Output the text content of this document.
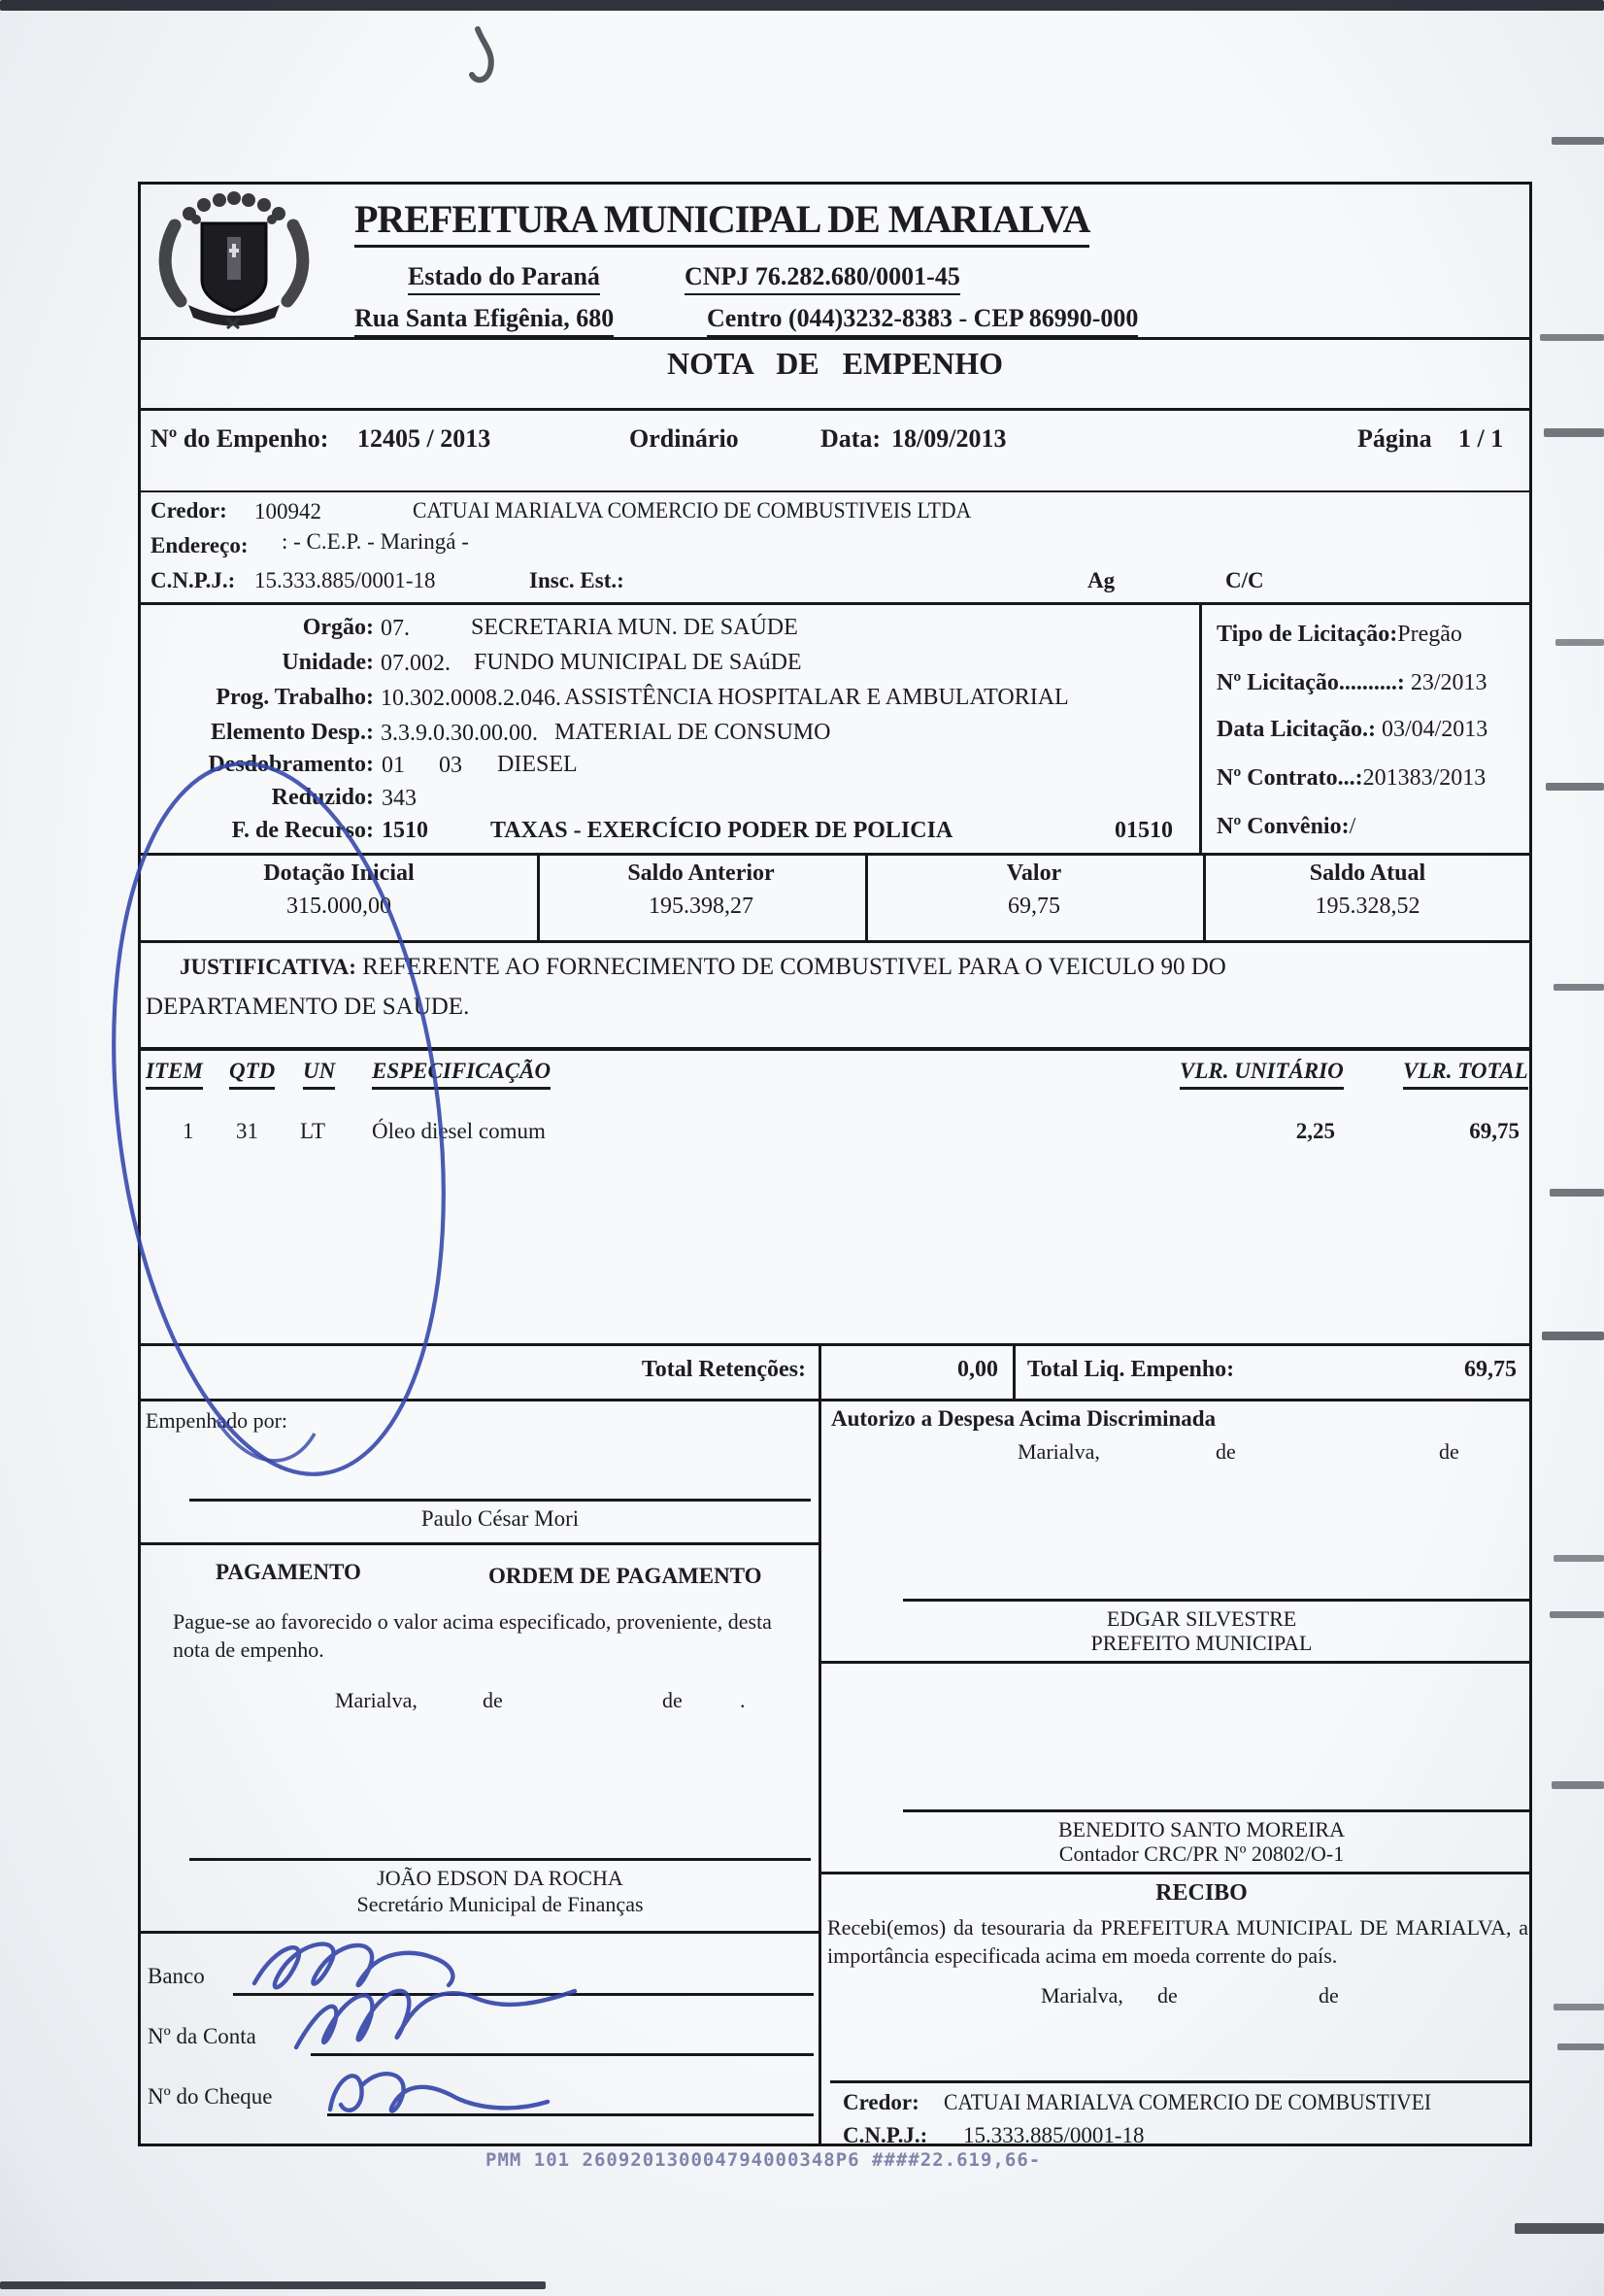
PREFEITURA MUNICIPAL DE MARIALVA
Estado do Paraná	CNPJ 76.282.680/0001-45
Rua Santa Efigênia, 680	Centro (044)3232-8383 - CEP 86990-000
NOTA DE EMPENHO
Nº do Empenho: 12405 / 2013	Ordinário	Data: 18/09/2013	Página 1 / 1
Credor: 100942	CATUAI MARIALVA COMERCIO DE COMBUSTIVEIS LTDA
Endereço: : - C.E.P. - Maringá -
C.N.P.J.: 15.333.885/0001-18	Insc. Est.:	Ag	C/C
Orgão: 07.	SECRETARIA MUN. DE SAÚDE
Unidade: 07.002. FUNDO MUNICIPAL DE SAúDE
Prog. Trabalho: 10.302.0008.2.046. ASSISTÊNCIA HOSPITALAR E AMBULATORIAL
Elemento Desp.: 3.3.9.0.30.00.00. MATERIAL DE CONSUMO
Desdobramento: 01 03 DIESEL
Reduzido: 343
F. de Recurso: 1510	TAXAS - EXERCÍCIO PODER DE POLICIA	01510
Tipo de Licitação:Pregão
Nº Licitação..........: 23/2013
Data Licitação.: 03/04/2013
Nº Contrato...:201383/2013
Nº Convênio:/
Dotação Inicial	Saldo Anterior	Valor	Saldo Atual
315.000,00	195.398,27	69,75	195.328,52
JUSTIFICATIVA: REFERENTE AO FORNECIMENTO DE COMBUSTIVEL PARA O VEICULO 90 DO
DEPARTAMENTO DE SAUDE.
ITEM QTD UN ESPECIFICAÇÃO	VLR. UNITÁRIO	VLR. TOTAL
1 31 LT Óleo diesel comum	2,25	69,75
Total Retenções:	0,00 Total Liq. Empenho:	69,75
Empenhado por:
Paulo César Mori
PAGAMENTO	ORDEM DE PAGAMENTO
Pague-se ao favorecido o valor acima especificado, proveniente, desta nota de empenho.
Marialva,	de	de	.
JOÃO EDSON DA ROCHA
Secretário Municipal de Finanças
Banco
Nº da Conta
Nº do Cheque
Autorizo a Despesa Acima Discriminada
Marialva,	de	de
EDGAR SILVESTRE
PREFEITO MUNICIPAL
BENEDITO SANTO MOREIRA
Contador CRC/PR Nº 20802/O-1
RECIBO
Recebi(emos) da tesouraria da PREFEITURA MUNICIPAL DE MARIALVA, a importância especificada acima em moeda corrente do país.
Marialva, de	de
Credor: CATUAI MARIALVA COMERCIO DE COMBUSTIVEI
C.N.P.J.: 15.333.885/0001-18
PMM 101 260920130004794000348P6 ####22.619,66-
